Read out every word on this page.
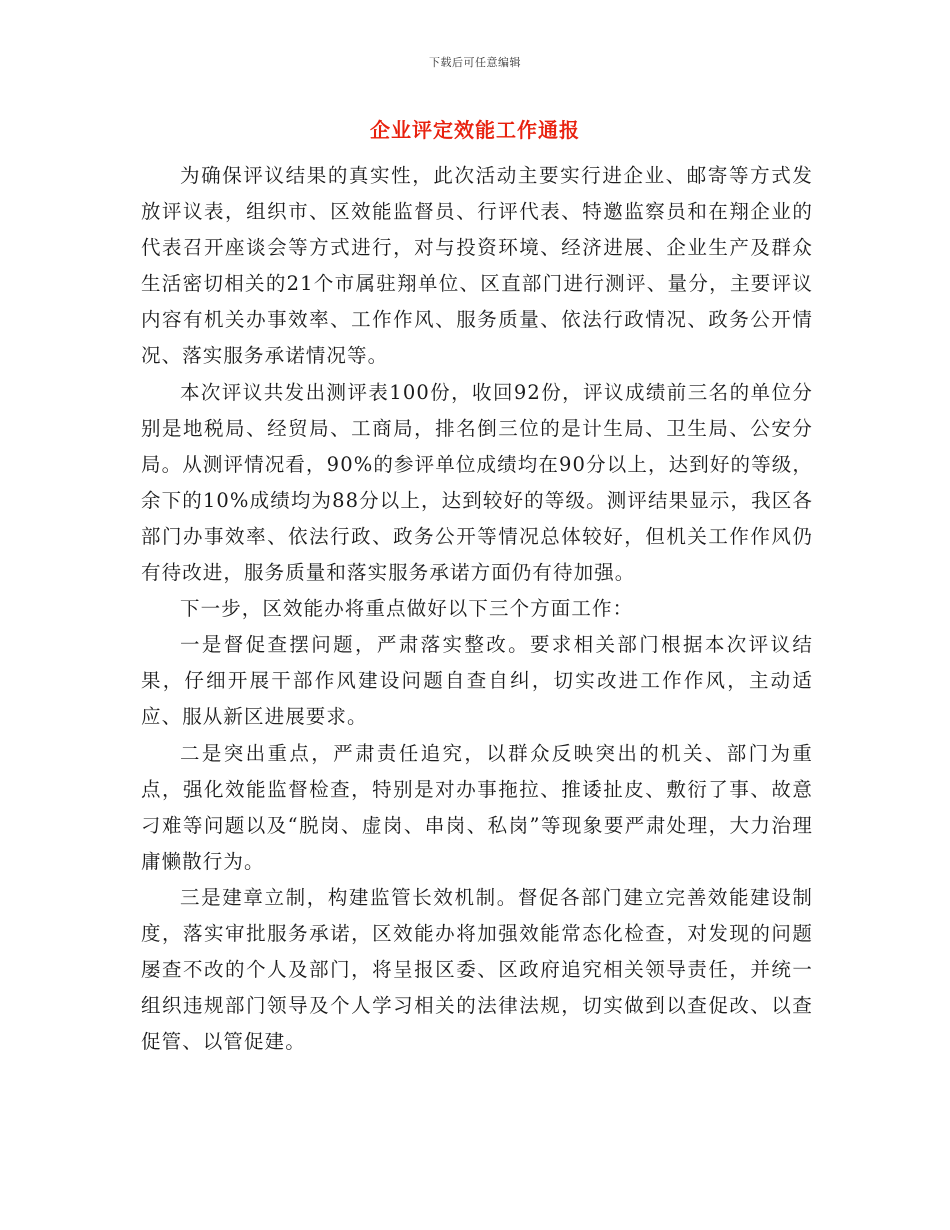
下载后可任意编辑
企业评定效能工作通报

为确保评议结果的真实性，此次活动主要实行进企业、邮寄等方式发放评议表，组织市、区效能监督员、行评代表、特邀监察员和在翔企业的代表召开座谈会等方式进行，对与投资环境、经济进展、企业生产及群众生活密切相关的21个市属驻翔单位、区直部门进行测评、量分，主要评议内容有机关办事效率、工作作风、服务质量、依法行政情况、政务公开情况、落实服务承诺情况等。

本次评议共发出测评表100份，收回92份，评议成绩前三名的单位分别是地税局、经贸局、工商局，排名倒三位的是计生局、卫生局、公安分局。从测评情况看，90%的参评单位成绩均在90分以上，达到好的等级，余下的10%成绩均为88分以上，达到较好的等级。测评结果显示，我区各部门办事效率、依法行政、政务公开等情况总体较好，但机关工作作风仍有待改进，服务质量和落实服务承诺方面仍有待加强。

下一步，区效能办将重点做好以下三个方面工作：

一是督促查摆问题，严肃落实整改。要求相关部门根据本次评议结果，仔细开展干部作风建设问题自查自纠，切实改进工作作风，主动适应、服从新区进展要求。

二是突出重点，严肃责任追究，以群众反映突出的机关、部门为重点，强化效能监督检查，特别是对办事拖拉、推诿扯皮、敷衍了事、故意刁难等问题以及“脱岗、虚岗、串岗、私岗”等现象要严肃处理，大力治理庸懒散行为。

三是建章立制，构建监管长效机制。督促各部门建立完善效能建设制度，落实审批服务承诺，区效能办将加强效能常态化检查，对发现的问题屡查不改的个人及部门，将呈报区委、区政府追究相关领导责任，并统一组织违规部门领导及个人学习相关的法律法规，切实做到以查促改、以查促管、以管促建。
